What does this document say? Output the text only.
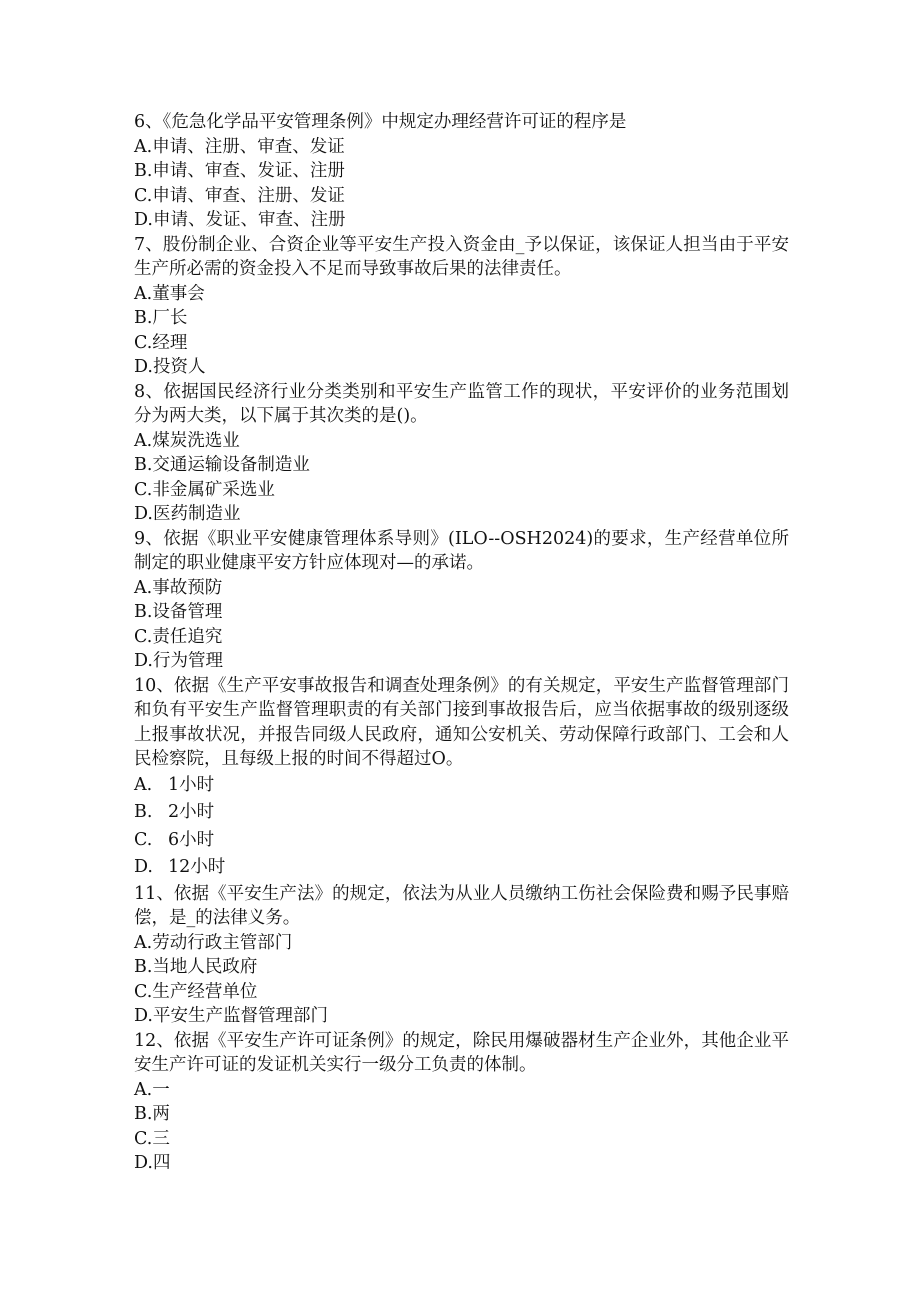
6、《危急化学品平安管理条例》中规定办理经营许可证的程序是

A.申请、注册、审查、发证

B.申请、审查、发证、注册

C.申请、审查、注册、发证

D.申请、发证、审查、注册

7、股份制企业、合资企业等平安生产投入资金由_予以保证，该保证人担当由于平安生产所必需的资金投入不足而导致事故后果的法律责任。

A.董事会

B.厂长

C.经理

D.投资人

8、依据国民经济行业分类类别和平安生产监管工作的现状，平安评价的业务范围划分为两大类，以下属于其次类的是()。

A.煤炭洗选业

B.交通运输设备制造业

C.非金属矿采选业

D.医药制造业

9、依据《职业平安健康管理体系导则》(ILO--OSH2024)的要求，生产经营单位所制定的职业健康平安方针应体现对—的承诺。

A.事故预防

B.设备管理

C.责任追究

D.行为管理

10、依据《生产平安事故报告和调查处理条例》的有关规定，平安生产监督管理部门和负有平安生产监督管理职责的有关部门接到事故报告后，应当依据事故的级别逐级上报事故状况，并报告同级人民政府，通知公安机关、劳动保障行政部门、工会和人民检察院，且每级上报的时间不得超过O。

A. 1小时

B. 2小时

C. 6小时

D. 12小时

11、依据《平安生产法》的规定，依法为从业人员缴纳工伤社会保险费和赐予民事赔偿，是_的法律义务。

A.劳动行政主管部门

B.当地人民政府

C.生产经营单位

D.平安生产监督管理部门

12、依据《平安生产许可证条例》的规定，除民用爆破器材生产企业外，其他企业平安生产许可证的发证机关实行一级分工负责的体制。

A.一

B.两

C.三

D.四
